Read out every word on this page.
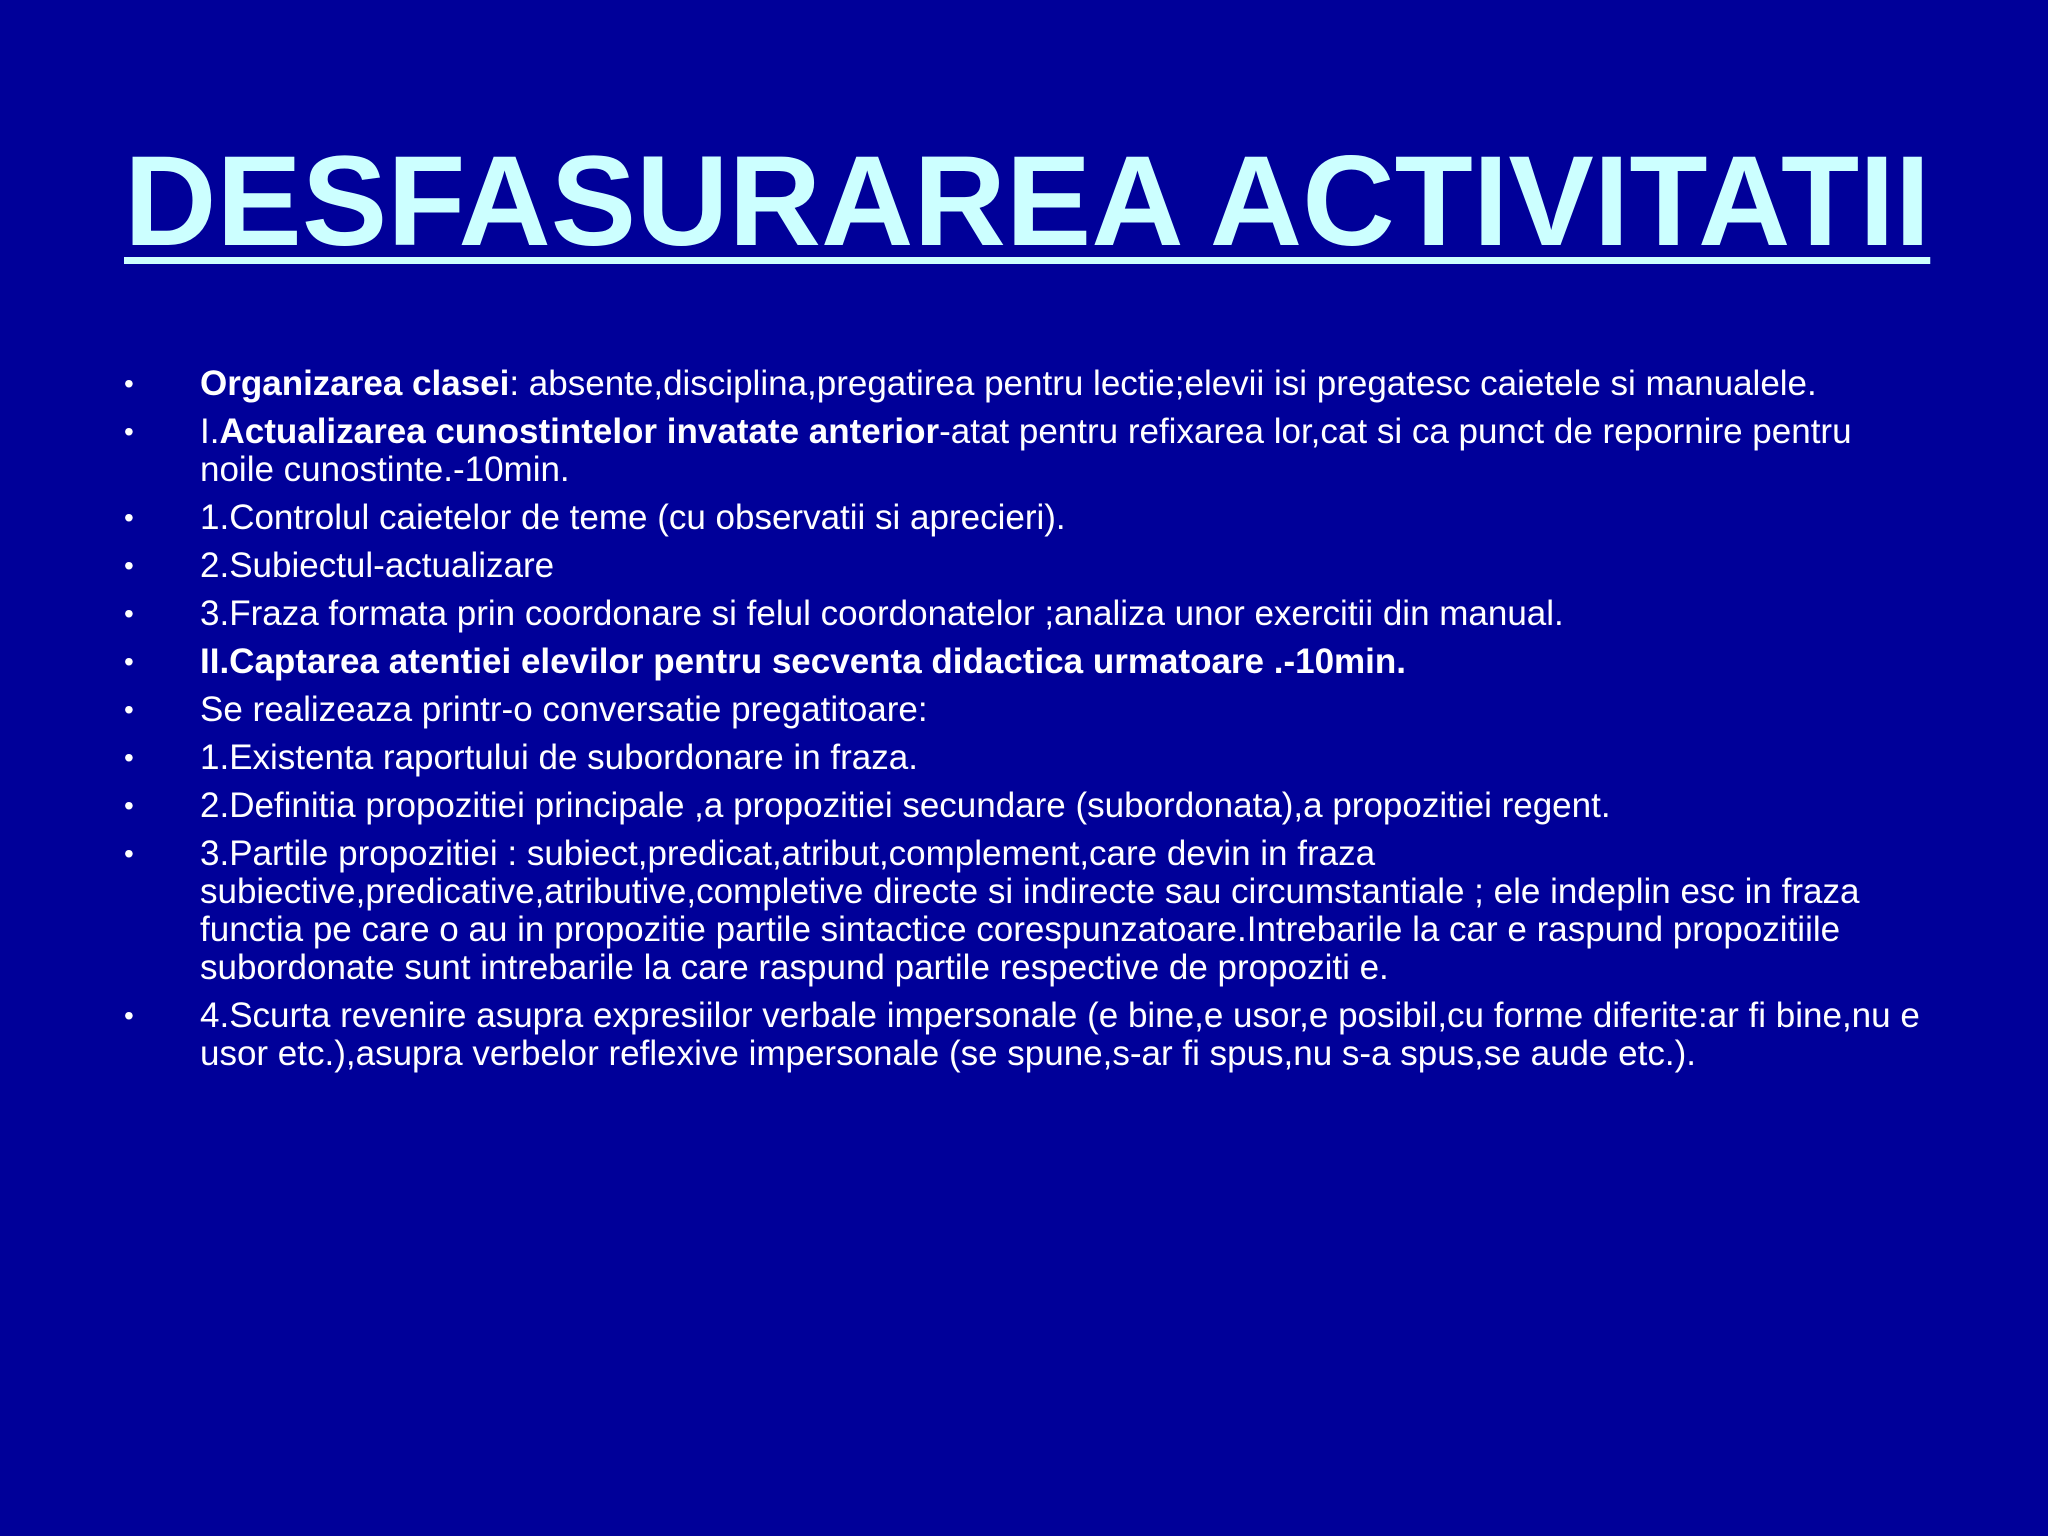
DESFASURAREA ACTIVITATII
• Organizarea clasei: absente,disciplina,pregatirea pentru lectie;elevii isi pregatesc caietele si manualele.
• I.Actualizarea cunostintelor invatate anterior-atat pentru refixarea lor,cat si ca punct de repornire pentru noile cunostinte.-10min.
• 1.Controlul caietelor de teme (cu observatii si aprecieri).
• 2.Subiectul-actualizare
• 3.Fraza formata prin coordonare si felul coordonatelor ;analiza unor exercitii din manual.
• II.Captarea atentiei elevilor pentru secventa didactica urmatoare .-10min.
• Se realizeaza printr-o conversatie pregatitoare:
• 1.Existenta raportului de subordonare in fraza.
• 2.Definitia propozitiei principale ,a propozitiei secundare (subordonata),a propozitiei regent.
• 3.Partile propozitiei : subiect,predicat,atribut,complement,care devin in fraza subiective,predicative,atributive,completive directe si indirecte sau circumstantiale ; ele indeplin esc in fraza functia pe care o au in propozitie partile sintactice corespunzatoare.Intrebarile la car e raspund propozitiile subordonate sunt intrebarile la care raspund partile respective de propoziti e.
• 4.Scurta revenire asupra expresiilor verbale impersonale (e bine,e usor,e posibil,cu forme diferite:ar fi bine,nu e usor etc.),asupra verbelor reflexive impersonale (se spune,s-ar fi spus,nu s-a spus,se aude etc.).
